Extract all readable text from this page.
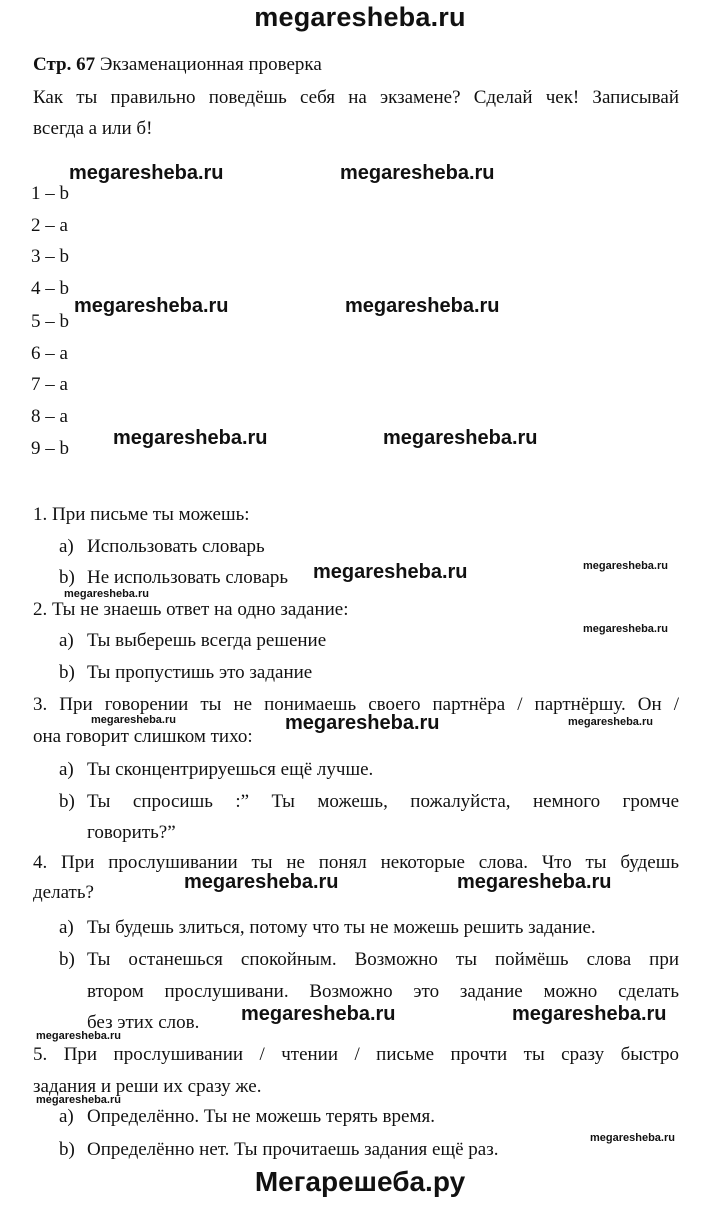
megaresheba.ru
Стр. 67 Экзаменационная проверка
Как ты правильно поведёшь себя на экзамене? Сделай чек! Записывай
всегда а или б!
1 – b
2 – a
3 – b
4 – b
5 – b
6 – a
7 – a
8 – a
9 – b
1. При письме ты можешь:
a) Использовать словарь
b) Не использовать словарь
2. Ты не знаешь ответ на одно задание:
a) Ты выберешь всегда решение
b) Ты пропустишь это задание
3. При говорении ты не понимаешь своего партнёра / партнёршу. Он /
она говорит слишком тихо:
a) Ты сконцентрируешься ещё лучше.
b) Ты спросишь :” Ты можешь, пожалуйста, немного громче
говорить?”
4. При прослушивании ты не понял некоторые слова. Что ты будешь
делать?
a) Ты будешь злиться, потому что ты не можешь решить задание.
b) Ты останешься спокойным. Возможно ты поймёшь слова при
втором прослушивани. Возможно это задание можно сделать
без этих слов.
5. При прослушивании / чтении / письме прочти ты сразу быстро
задания и реши их сразу же.
a) Определённо. Ты не можешь терять время.
b) Определённо нет. Ты прочитаешь задания ещё раз.
megaresheba.ru	megaresheba.ru
megaresheba.ru	megaresheba.ru
megaresheba.ru	megaresheba.ru
megaresheba.ru
megaresheba.ru
megaresheba.ru	megaresheba.ru
megaresheba.ru	megaresheba.ru
megaresheba.ru
megaresheba.ru
megaresheba.ru
megaresheba.ru	megaresheba.ru
megaresheba.ru
megaresheba.ru
megaresheba.ru
Мегарешеба.ру
